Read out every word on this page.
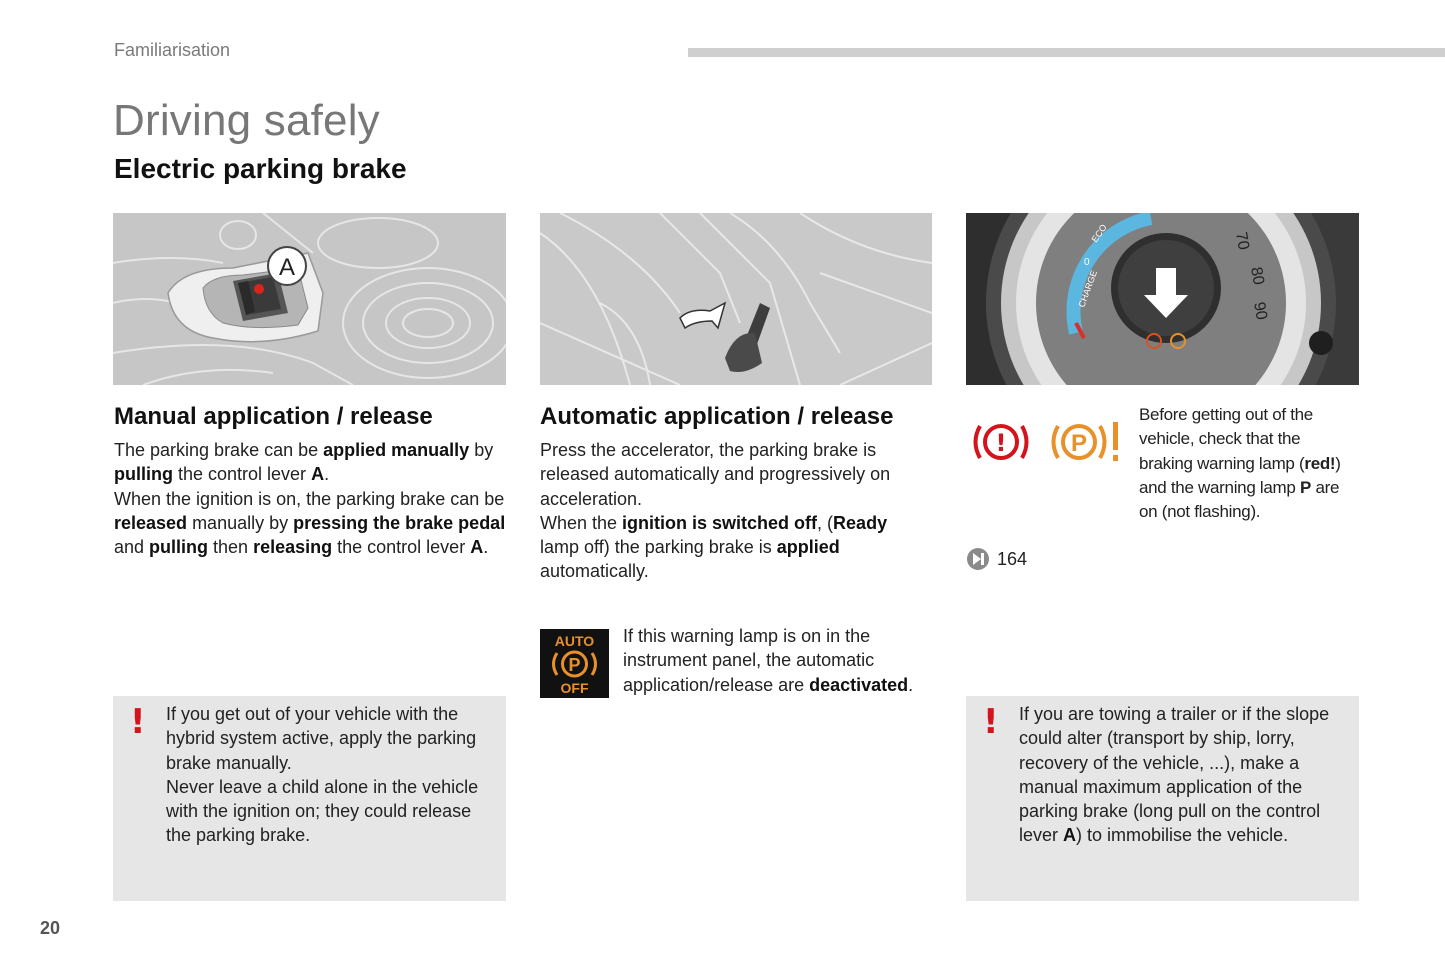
Familiarisation
Driving safely
Electric parking brake
A
CHARGE
ECO	70
80
90
0
Manual application / release
The parking brake can be applied manually by pulling the control lever A.
When the ignition is on, the parking brake can be released manually by pressing the brake pedal and pulling then releasing the control lever A.
Automatic application / release
Press the accelerator, the parking brake is released automatically and progressively on acceleration.
When the ignition is switched off, (Ready lamp off) the parking brake is applied automatically.
AUTO
P
OFF
If this warning lamp is on in the instrument panel, the automatic application/release are deactivated.
!	P
Before getting out of the vehicle, check that the braking warning lamp (red!) and the warning lamp P are on (not flashing).
164
! If you get out of your vehicle with the hybrid system active, apply the parking brake manually.
Never leave a child alone in the vehicle with the ignition on; they could release the parking brake.
! If you are towing a trailer or if the slope could alter (transport by ship, lorry, recovery of the vehicle, ...), make a manual maximum application of the parking brake (long pull on the control lever A) to immobilise the vehicle.
20
